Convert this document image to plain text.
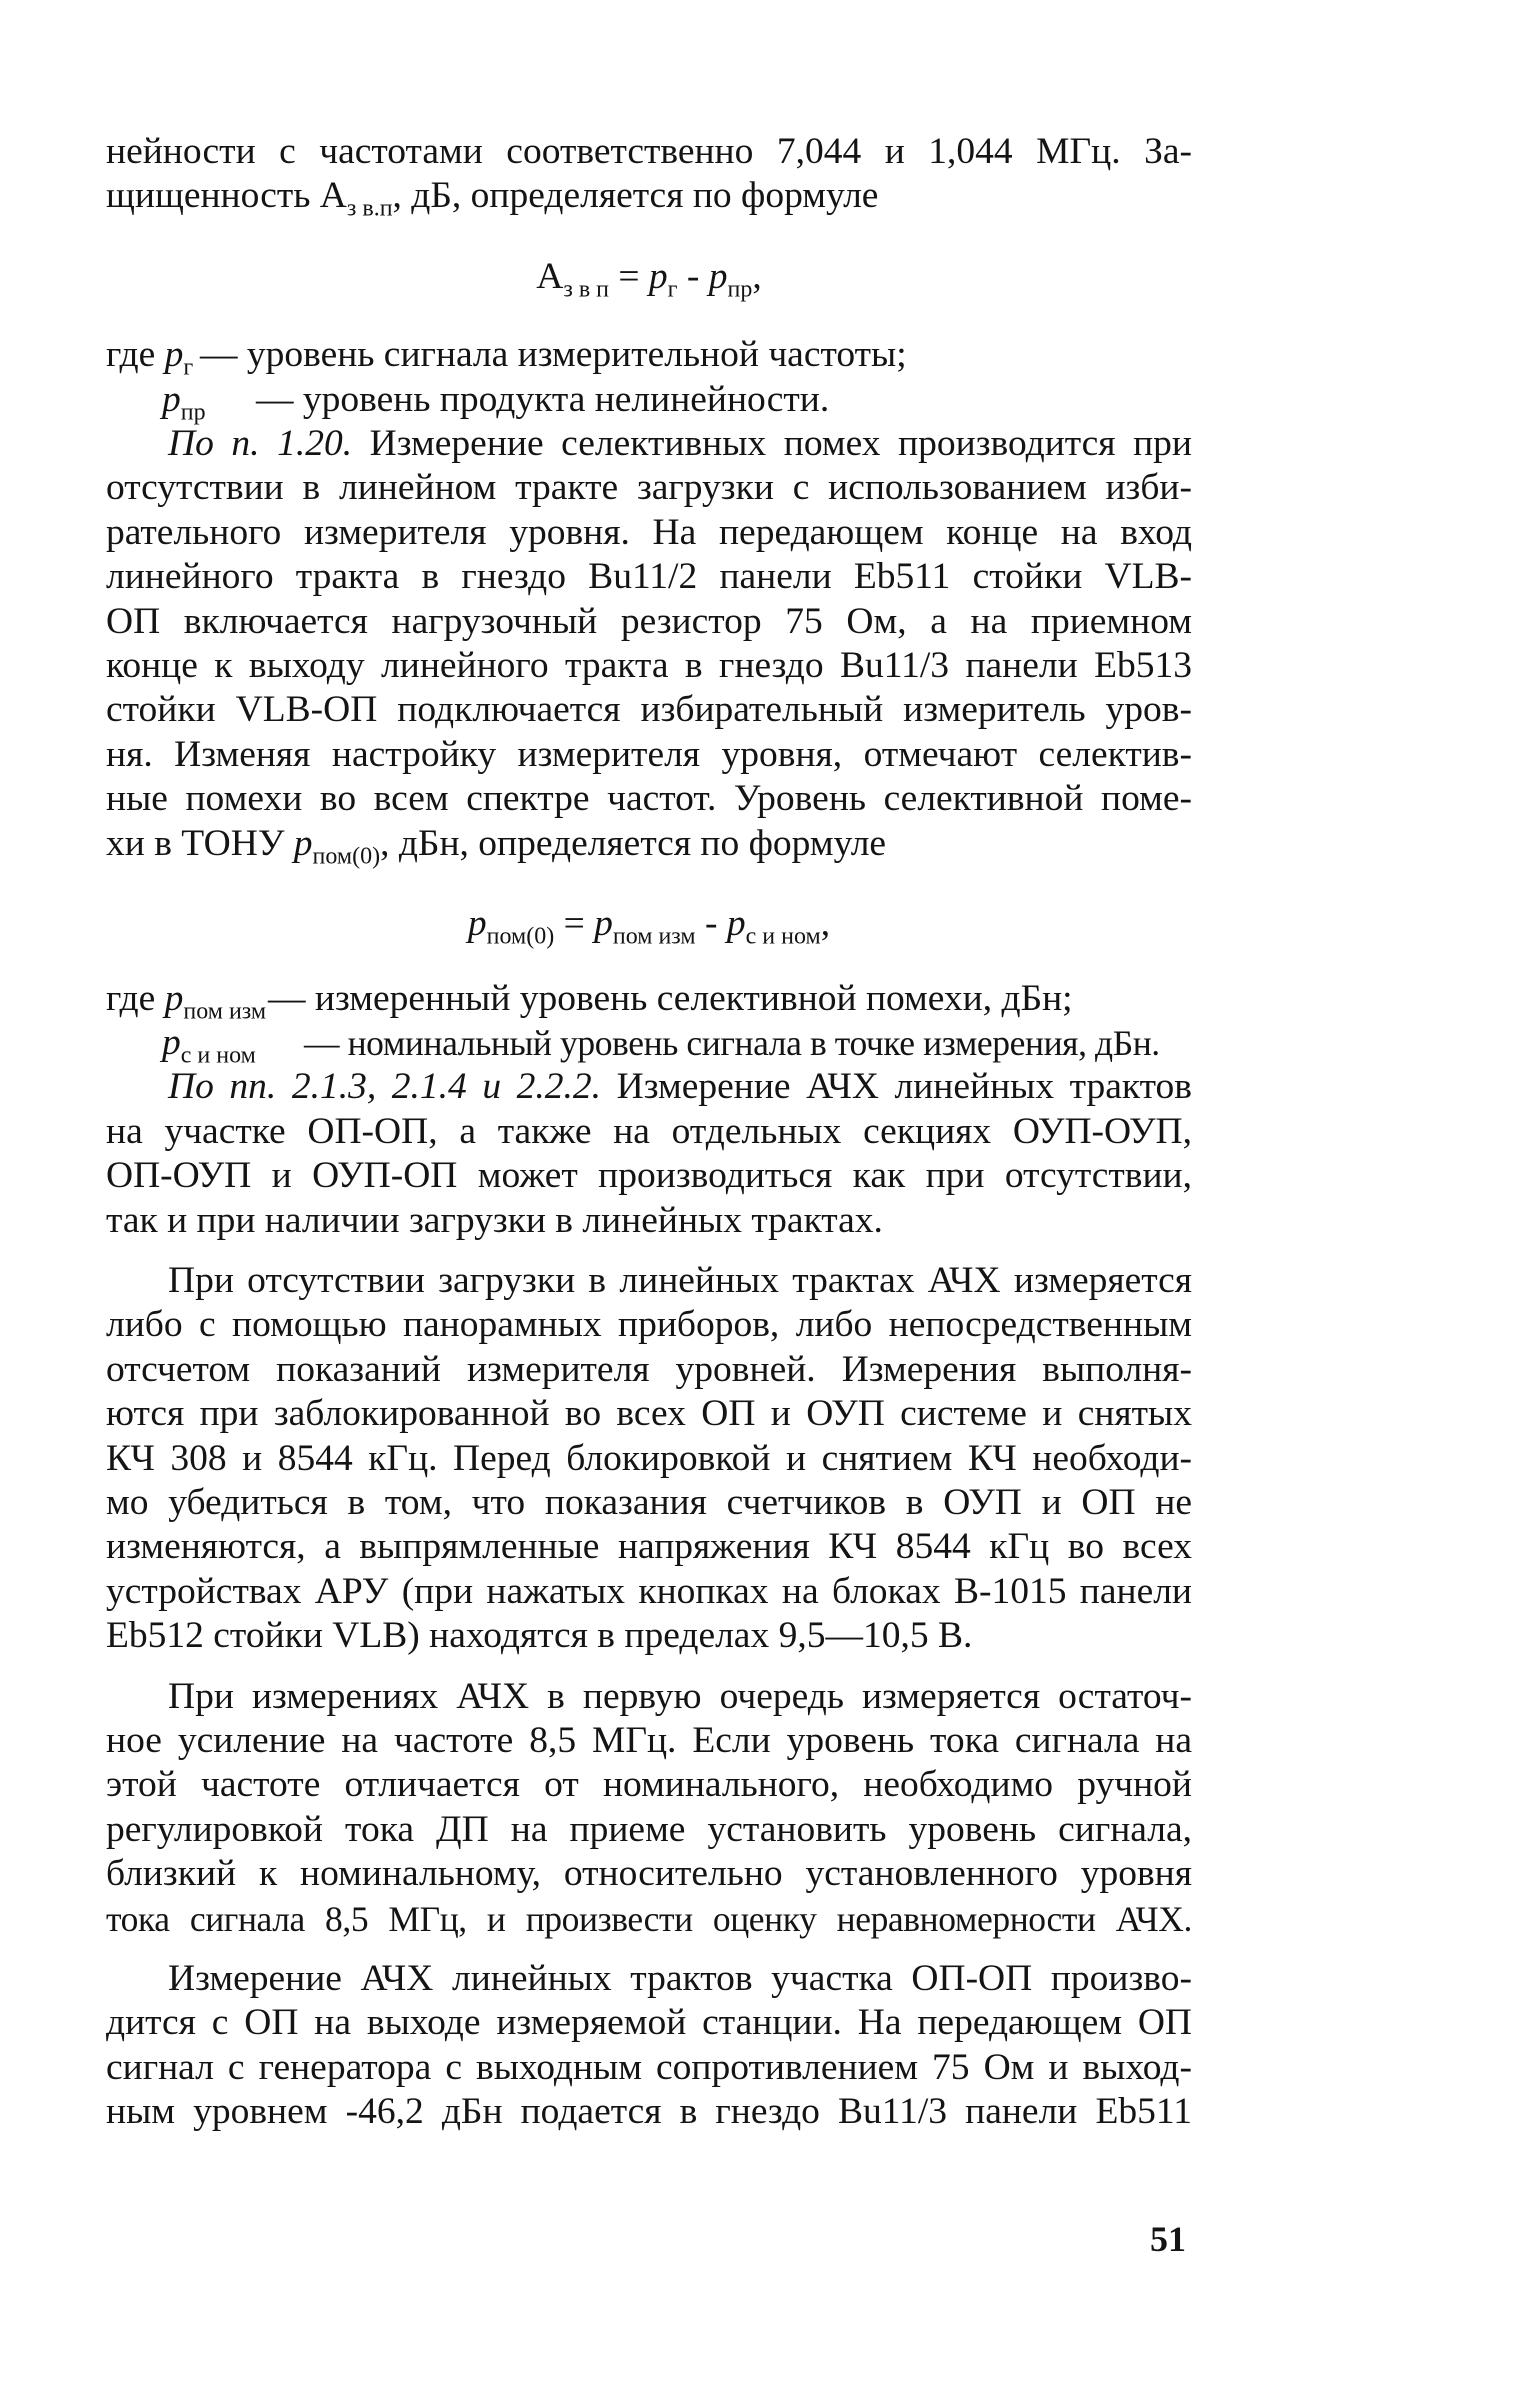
нейности с частотами соответственно 7,044 и 1,044 МГц. За-

щищенность $А_{з в.п}$, дБ, определяется по формуле

$А_{з в п} = p_г - p_{пр}$,
где $p_г$ — уровень сигнала измерительной частоты;
$p_{пр}$	— уровень продукта нелинейности.

По п. 1.20. Измерение селективных помех производится при

отсутствии в линейном тракте загрузки с использованием изби-

рательного измерителя уровня. На передающем конце на вход

линейного тракта в гнездо Bu11/2 панели Eb511 стойки VLB-

ОП включается нагрузочный резистор 75 Ом, а на приемном

конце к выходу линейного тракта в гнездо Bu11/3 панели Eb513

стойки VLB-ОП подключается избирательный измеритель уров-

ня. Изменяя настройку измерителя уровня, отмечают селектив-

ные помехи во всем спектре частот. Уровень селективной поме-

хи в ТОНУ $p_{пом(0)}$, дБн, определяется по формуле

$p_{пом(0)} = p_{пом изм} - p_{с и ном}$,
где $p_{пом изм}$ — измеренный уровень селективной помехи, дБн;
$p_{с и ном}$	— номинальный уровень сигнала в точке измерения, дБн.

По пп. 2.1.3, 2.1.4 и 2.2.2. Измерение АЧХ линейных трактов

на участке ОП-ОП, а также на отдельных секциях ОУП-ОУП,

ОП-ОУП и ОУП-ОП может производиться как при отсутствии,

так и при наличии загрузки в линейных трактах.

При отсутствии загрузки в линейных трактах АЧХ измеряется

либо с помощью панорамных приборов, либо непосредственным

отсчетом показаний измерителя уровней. Измерения выполня-

ются при заблокированной во всех ОП и ОУП системе и снятых

КЧ 308 и 8544 кГц. Перед блокировкой и снятием КЧ необходи-

мо убедиться в том, что показания счетчиков в ОУП и ОП не

изменяются, а выпрямленные напряжения КЧ 8544 кГц во всех

устройствах АРУ (при нажатых кнопках на блоках В-1015 панели

Eb512 стойки VLB) находятся в пределах 9,5—10,5 В.

При измерениях АЧХ в первую очередь измеряется остаточ-

ное усиление на частоте 8,5 МГц. Если уровень тока сигнала на

этой частоте отличается от номинального, необходимо ручной

регулировкой тока ДП на приеме установить уровень сигнала,

близкий к номинальному, относительно установленного уровня

тока сигнала 8,5 МГц, и произвести оценку неравномерности АЧХ.

Измерение АЧХ линейных трактов участка ОП-ОП произво-

дится с ОП на выходе измеряемой станции. На передающем ОП

сигнал с генератора с выходным сопротивлением 75 Ом и выход-

ным уровнем -46,2 дБн подается в гнездо Bu11/3 панели Eb511

51
